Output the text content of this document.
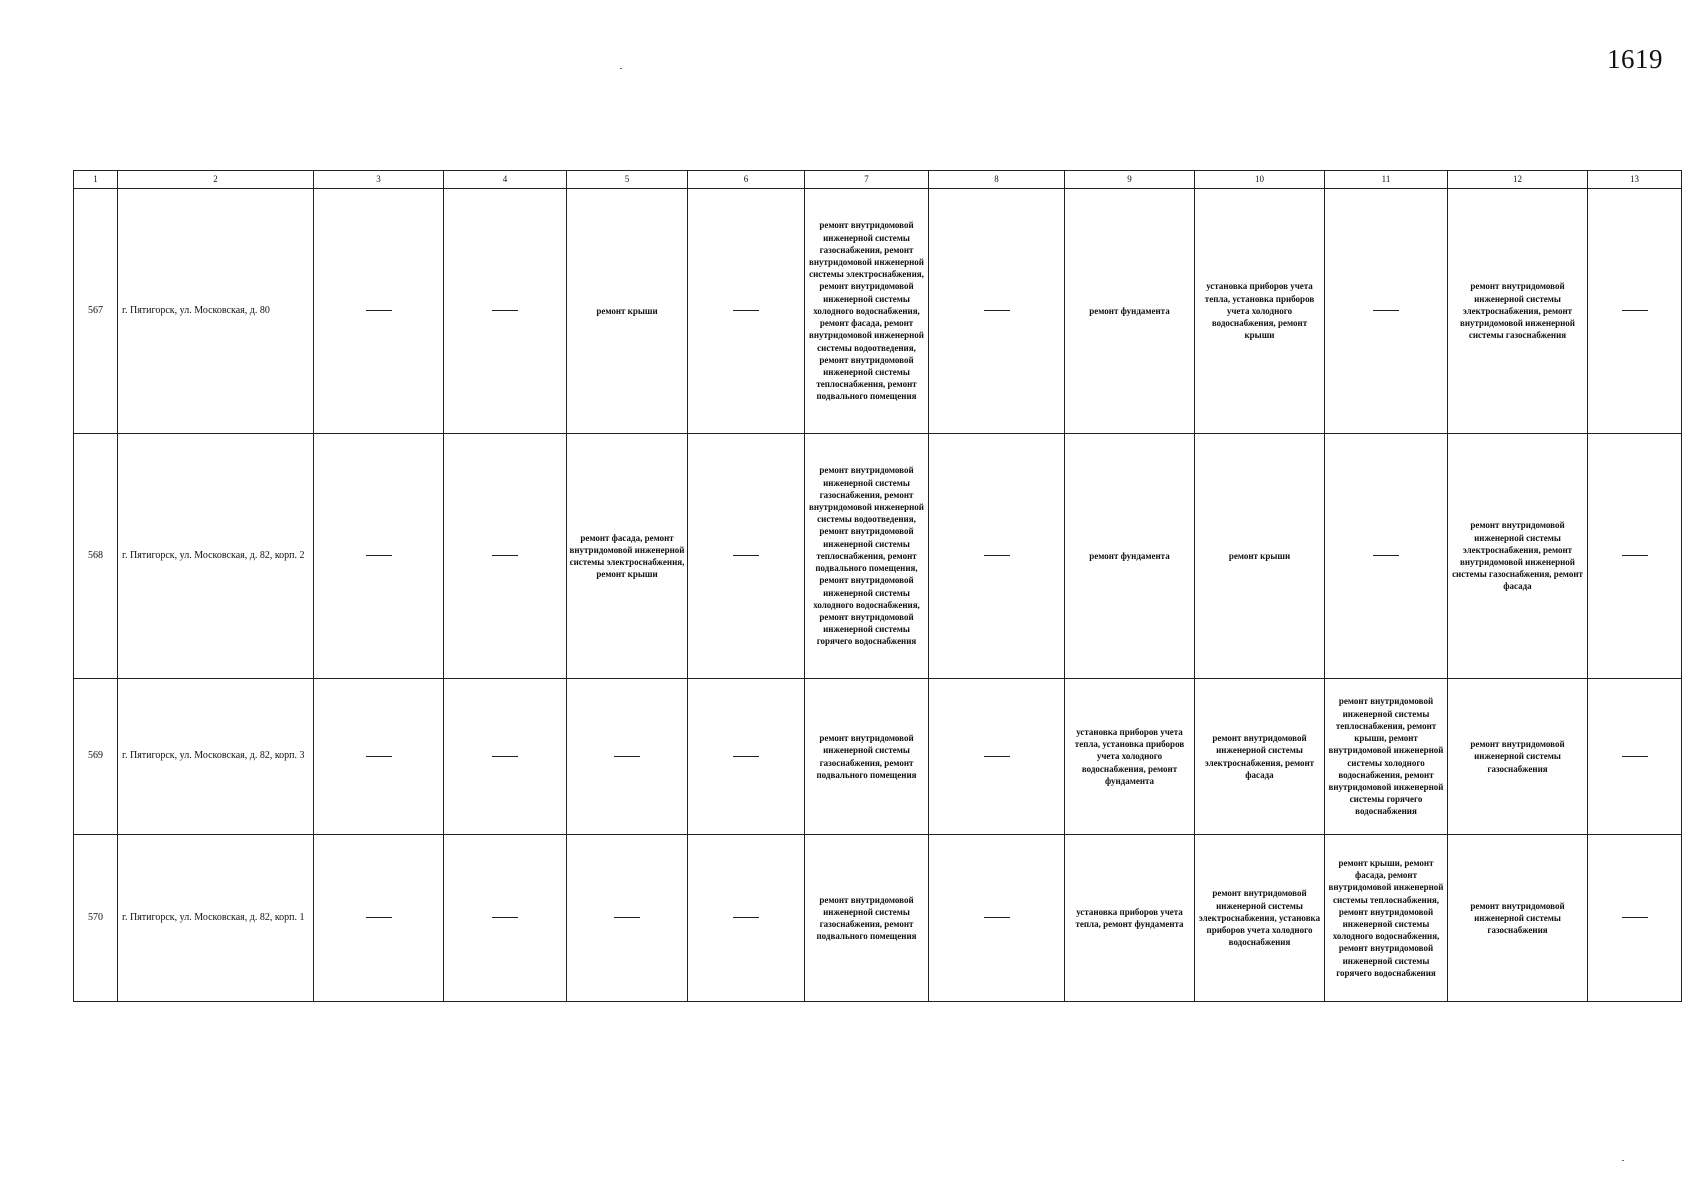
1619
1	2	3	4	5	6	7	8	9	10	11	12	13
567	г. Пятигорск, ул. Московская, д. 80			ремонт крыши		ремонт внутридомовой инженерной системы газоснабжения, ремонт внутридомовой инженерной системы электроснабжения, ремонт внутридомовой инженерной системы холодного водоснабжения, ремонт фасада, ремонт внутридомовой инженерной системы водоотведения, ремонт внутридомовой инженерной системы теплоснабжения, ремонт подвального помещения		ремонт фундамента	установка приборов учета тепла, установка приборов учета холодного водоснабжения, ремонт крыши		ремонт внутридомовой инженерной системы электроснабжения, ремонт внутридомовой инженерной системы газоснабжения	
568	г. Пятигорск, ул. Московская, д. 82, корп. 2			ремонт фасада, ремонт внутридомовой инженерной системы электроснабжения, ремонт крыши		ремонт внутридомовой инженерной системы газоснабжения, ремонт внутридомовой инженерной системы водоотведения, ремонт внутридомовой инженерной системы теплоснабжения, ремонт подвального помещения, ремонт внутридомовой инженерной системы холодного водоснабжения, ремонт внутридомовой инженерной системы горячего водоснабжения		ремонт фундамента	ремонт крыши		ремонт внутридомовой инженерной системы электроснабжения, ремонт внутридомовой инженерной системы газоснабжения, ремонт фасада	
569	г. Пятигорск, ул. Московская, д. 82, корп. 3					ремонт внутридомовой инженерной системы газоснабжения, ремонт подвального помещения		установка приборов учета тепла, установка приборов учета холодного водоснабжения, ремонт фундамента	ремонт внутридомовой инженерной системы электроснабжения, ремонт фасада	ремонт внутридомовой инженерной системы теплоснабжения, ремонт крыши, ремонт внутридомовой инженерной системы холодного водоснабжения, ремонт внутридомовой инженерной системы горячего водоснабжения	ремонт внутридомовой инженерной системы газоснабжения	
570	г. Пятигорск, ул. Московская, д. 82, корп. 1					ремонт внутридомовой инженерной системы газоснабжения, ремонт подвального помещения		установка приборов учета тепла, ремонт фундамента	ремонт внутридомовой инженерной системы электроснабжения, установка приборов учета холодного водоснабжения	ремонт крыши, ремонт фасада, ремонт внутридомовой инженерной системы теплоснабжения, ремонт внутридомовой инженерной системы холодного водоснабжения, ремонт внутридомовой инженерной системы горячего водоснабжения	ремонт внутридомовой инженерной системы газоснабжения	
